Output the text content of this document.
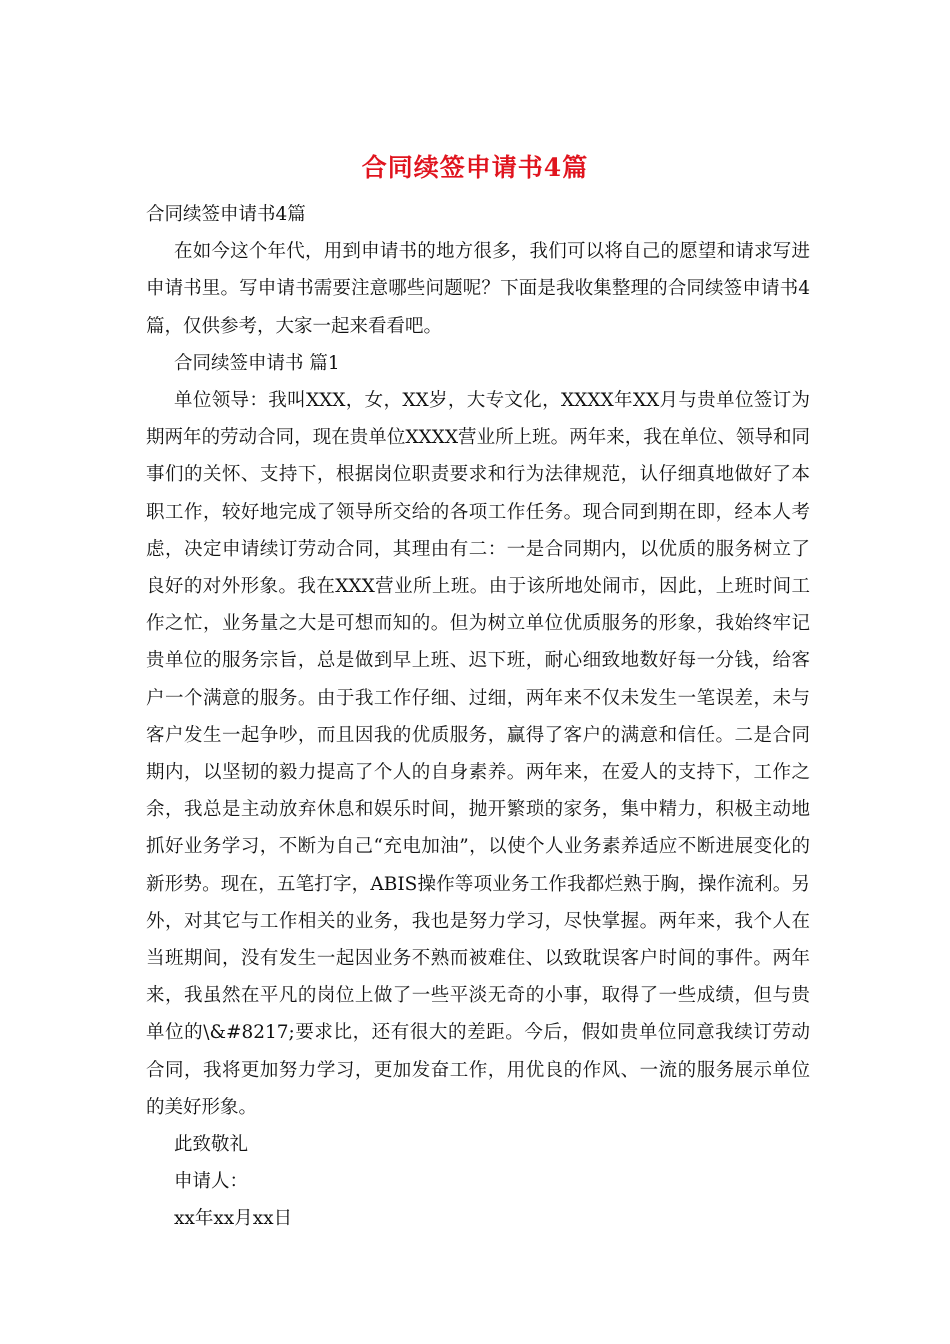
合同续签申请书4篇

合同续签申请书4篇

在如今这个年代，用到申请书的地方很多，我们可以将自己的愿望和请求写进申请书里。写申请书需要注意哪些问题呢？下面是我收集整理的合同续签申请书4篇，仅供参考，大家一起来看看吧。

合同续签申请书 篇1

单位领导：我叫XXX，女，XX岁，大专文化，XXXX年XX月与贵单位签订为期两年的劳动合同，现在贵单位XXXX营业所上班。两年来，我在单位、领导和同事们的关怀、支持下，根据岗位职责要求和行为法律规范，认仔细真地做好了本职工作，较好地完成了领导所交给的各项工作任务。现合同到期在即，经本人考虑，决定申请续订劳动合同，其理由有二：一是合同期内，以优质的服务树立了良好的对外形象。我在XXX营业所上班。由于该所地处闹市，因此，上班时间工作之忙，业务量之大是可想而知的。但为树立单位优质服务的形象，我始终牢记贵单位的服务宗旨，总是做到早上班、迟下班，耐心细致地数好每一分钱，给客户一个满意的服务。由于我工作仔细、过细，两年来不仅未发生一笔误差，未与客户发生一起争吵，而且因我的优质服务，赢得了客户的满意和信任。二是合同期内，以坚韧的毅力提高了个人的自身素养。两年来，在爱人的支持下，工作之余，我总是主动放弃休息和娱乐时间，抛开繁琐的家务，集中精力，积极主动地抓好业务学习，不断为自己“充电加油”，以使个人业务素养适应不断进展变化的新形势。现在，五笔打字，ABIS操作等项业务工作我都烂熟于胸，操作流利。另外，对其它与工作相关的业务，我也是努力学习，尽快掌握。两年来，我个人在当班期间，没有发生一起因业务不熟而被难住、以致耽误客户时间的事件。两年来，我虽然在平凡的岗位上做了一些平淡无奇的小事，取得了一些成绩，但与贵单位的\&#8217;要求比，还有很大的差距。今后，假如贵单位同意我续订劳动合同，我将更加努力学习，更加发奋工作，用优良的作风、一流的服务展示单位的美好形象。

此致敬礼

申请人：

xx年xx月xx日
